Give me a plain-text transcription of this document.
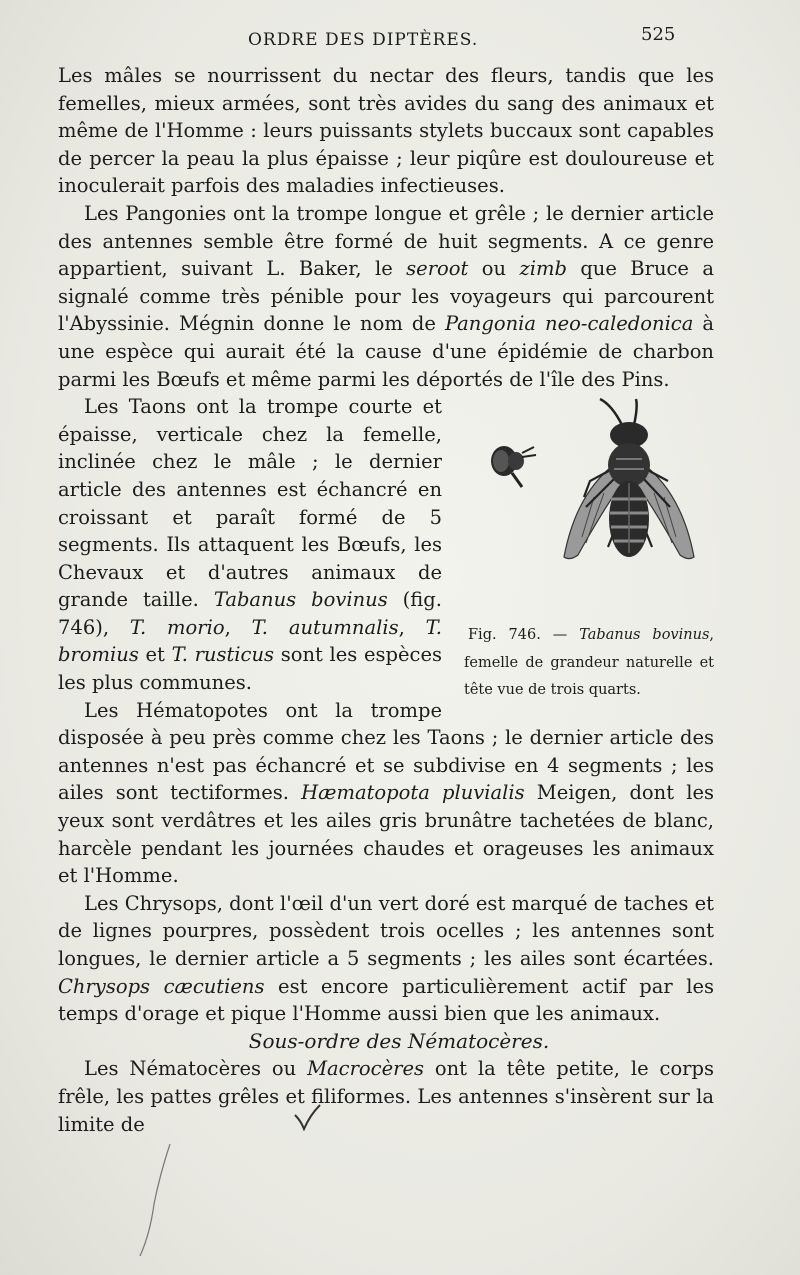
ORDRE DES DIPTÈRES.	525

Les mâles se nourrissent du nectar des fleurs, tandis que les femelles, mieux armées, sont très avides du sang des animaux et même de l'Homme : leurs puissants stylets buccaux sont capables de percer la peau la plus épaisse ; leur piqûre est douloureuse et inoculerait parfois des maladies infectieuses.

Les Pangonies ont la trompe longue et grêle ; le dernier article des antennes semble être formé de huit segments. A ce genre appartient, suivant L. Baker, le seroot ou zimb que Bruce a signalé comme très pénible pour les voyageurs qui parcourent l'Abyssinie. Mégnin donne le nom de Pangonia neo-caledonica à une espèce qui aurait été la cause d'une épidémie de charbon parmi les Bœufs et même parmi les déportés de l'île des Pins.

Fig. 746. — Tabanus bovinus, femelle de grandeur naturelle et tête vue de trois quarts.
Les Taons ont la trompe courte et épaisse, verticale chez la femelle, inclinée chez le mâle ; le dernier article des antennes est échancré en croissant et paraît formé de 5 segments. Ils attaquent les Bœufs, les Chevaux et d'autres animaux de grande taille. Tabanus bovinus (fig. 746), T. morio, T. autumnalis, T. bromius et T. rusticus sont les espèces les plus communes.

Les Hématopotes ont la trompe disposée à peu près comme chez les Taons ; le dernier article des antennes n'est pas échancré et se subdivise en 4 segments ; les ailes sont tectiformes. Hæmatopota pluvialis Meigen, dont les yeux sont verdâtres et les ailes gris brunâtre tachetées de blanc, harcèle pendant les journées chaudes et orageuses les animaux et l'Homme.

Les Chrysops, dont l'œil d'un vert doré est marqué de taches et de lignes pourpres, possèdent trois ocelles ; les antennes sont longues, le dernier article a 5 segments ; les ailes sont écartées. Chrysops cæcutiens est encore particulièrement actif par les temps d'orage et pique l'Homme aussi bien que les animaux.

Sous-ordre des Nématocères.

Les Nématocères ou Macrocères ont la tête petite, le corps frêle, les pattes grêles et filiformes. Les antennes s'insèrent sur la limite de
